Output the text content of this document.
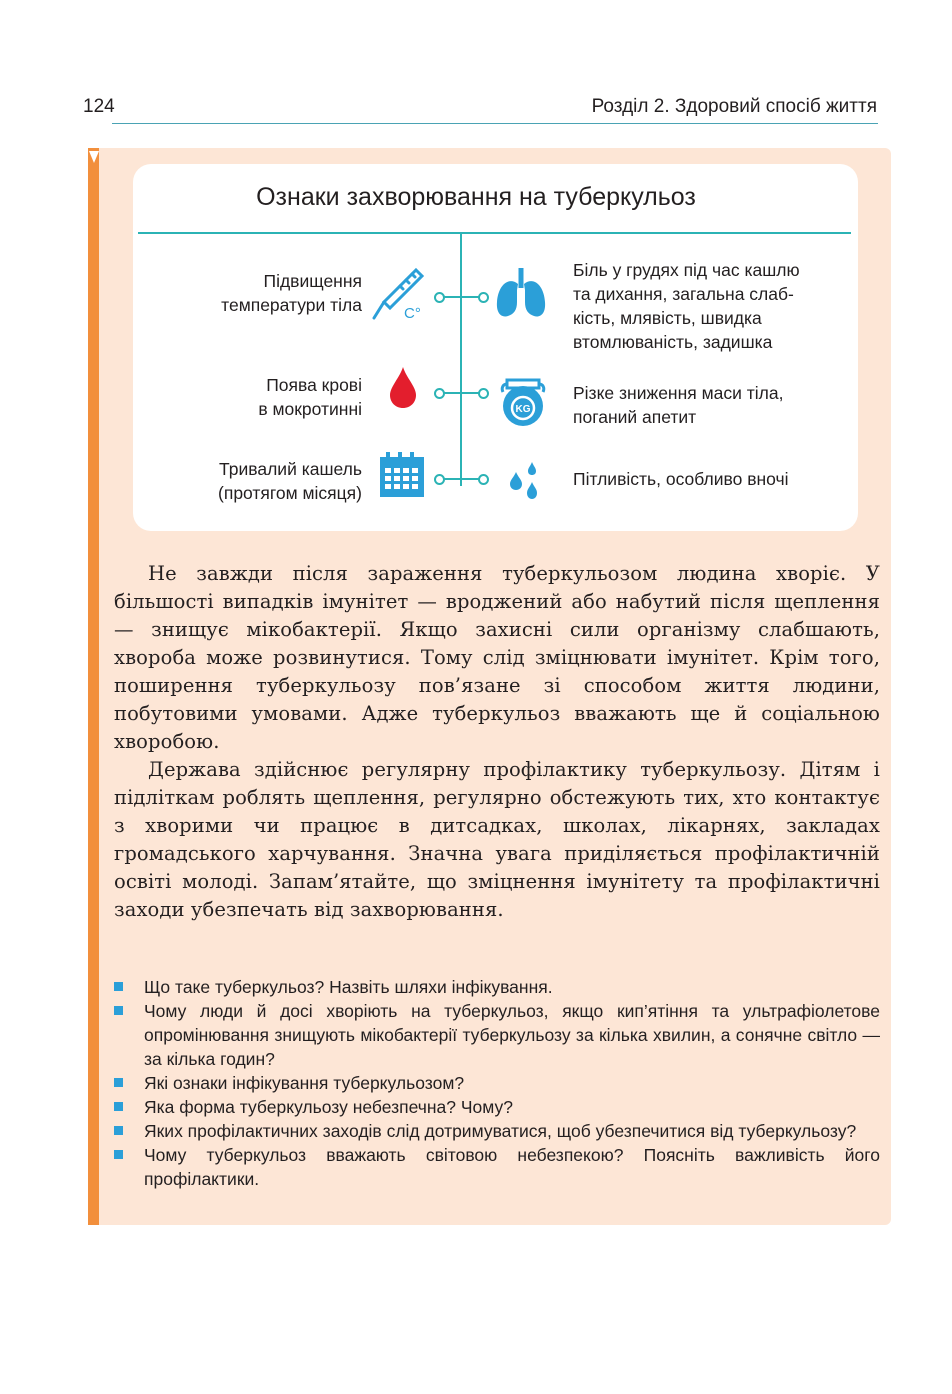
124	Розділ 2. Здоровий спосіб життя
Ознаки захворювання на туберкульоз
Підвищення
температури тіла
Поява крові
в мокротинні
Тривалий кашель
(протягом місяця)
Біль у грудях під час кашлю
та дихання, загальна слаб-
кість, млявість, швидка
втомлюваність, задишка
Різке зниження маси тіла,
поганий апетит
Пітливість, особливо вночі
C°
KG

Не завжди після зараження туберкульозом людина хворіє. У більшості випадків імунітет — вроджений або набутий після щеплення — знищує мікобактерії. Якщо захисні сили організму слабшають, хвороба може розвинутися. Тому слід зміцнювати імунітет. Крім того, поширення туберкульозу пов’язане зі способом життя людини, побутовими умовами. Адже туберкульоз вважають ще й соціальною хворобою.

Держава здійснює регулярну профілактику туберкульозу. Дітям і підліткам роблять щеплення, регулярно обстежують тих, хто контактує з хворими чи працює в дитсадках, школах, лікарнях, закладах громадського харчування. Значна увага приділяється профілактичній освіті молоді. Запам’ятайте, що зміцнення імунітету та профілактичні заходи убезпечать від захворювання.

Що таке туберкульоз? Назвіть шляхи інфікування.
Чому люди й досі хворіють на туберкульоз, якщо кип’ятіння та ультрафіолетове опромінювання знищують мікобактерії туберкульозу за кілька хвилин, а сонячне світло — за кілька годин?
Які ознаки інфікування туберкульозом?
Яка форма туберкульозу небезпечна? Чому?
Яких профілактичних заходів слід дотримуватися, щоб убезпечитися від туберкульозу?
Чому туберкульоз вважають світовою небезпекою? Поясніть важливість його профілактики.
